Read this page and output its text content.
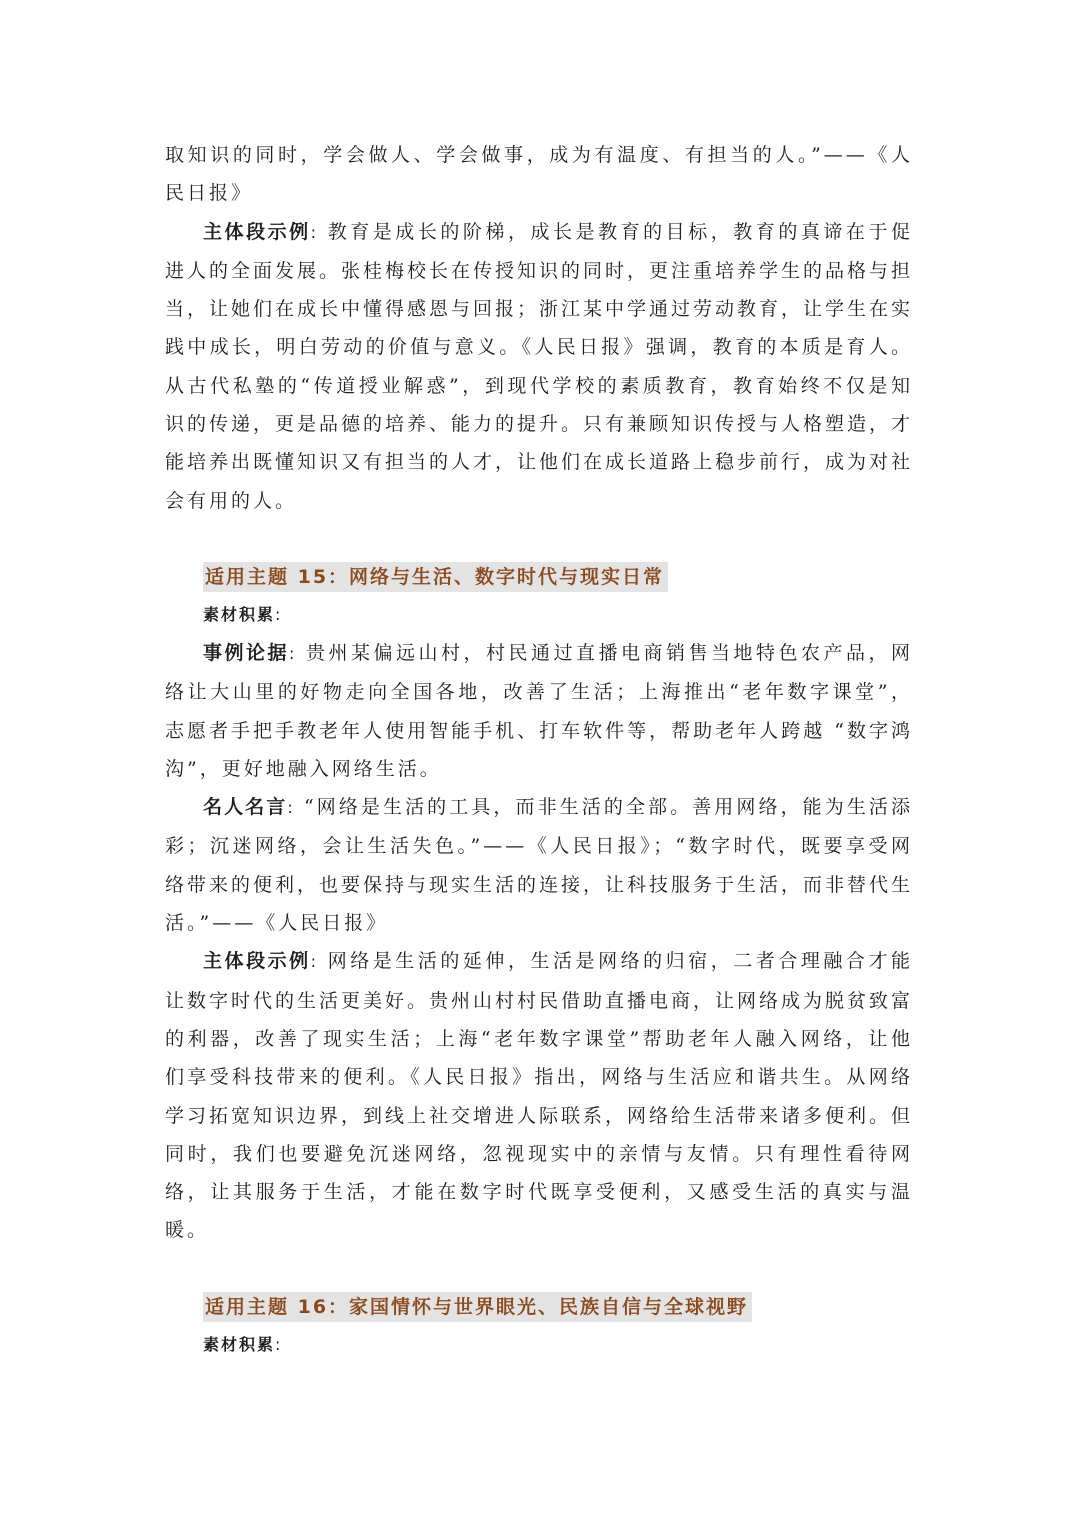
取知识的同时，学会做人、学会做事，成为有温度、有担当的人。”——《人民日报》

主体段示例: 教育是成长的阶梯，成长是教育的目标，教育的真谛在于促进人的全面发展。张桂梅校长在传授知识的同时，更注重培养学生的品格与担当，让她们在成长中懂得感恩与回报；浙江某中学通过劳动教育，让学生在实践中成长，明白劳动的价值与意义。《人民日报》强调，教育的本质是育人。从古代私塾的“传道授业解惑”，到现代学校的素质教育，教育始终不仅是知识的传递，更是品德的培养、能力的提升。只有兼顾知识传授与人格塑造，才能培养出既懂知识又有担当的人才，让他们在成长道路上稳步前行，成为对社会有用的人。

适用主题 15：网络与生活、数字时代与现实日常
素材积累:

事例论据: 贵州某偏远山村，村民通过直播电商销售当地特色农产品，网络让大山里的好物走向全国各地，改善了生活；上海推出“老年数字课堂”，志愿者手把手教老年人使用智能手机、打车软件等，帮助老年人跨越 “数字鸿沟”，更好地融入网络生活。

名人名言: “网络是生活的工具，而非生活的全部。善用网络，能为生活添彩；沉迷网络，会让生活失色。”——《人民日报》；“数字时代，既要享受网络带来的便利，也要保持与现实生活的连接，让科技服务于生活，而非替代生活。”——《人民日报》

主体段示例: 网络是生活的延伸，生活是网络的归宿，二者合理融合才能让数字时代的生活更美好。贵州山村村民借助直播电商，让网络成为脱贫致富的利器，改善了现实生活；上海“老年数字课堂”帮助老年人融入网络，让他们享受科技带来的便利。《人民日报》指出，网络与生活应和谐共生。从网络学习拓宽知识边界，到线上社交增进人际联系，网络给生活带来诸多便利。但同时，我们也要避免沉迷网络，忽视现实中的亲情与友情。只有理性看待网络，让其服务于生活，才能在数字时代既享受便利，又感受生活的真实与温暖。

适用主题 16：家国情怀与世界眼光、民族自信与全球视野
素材积累:
